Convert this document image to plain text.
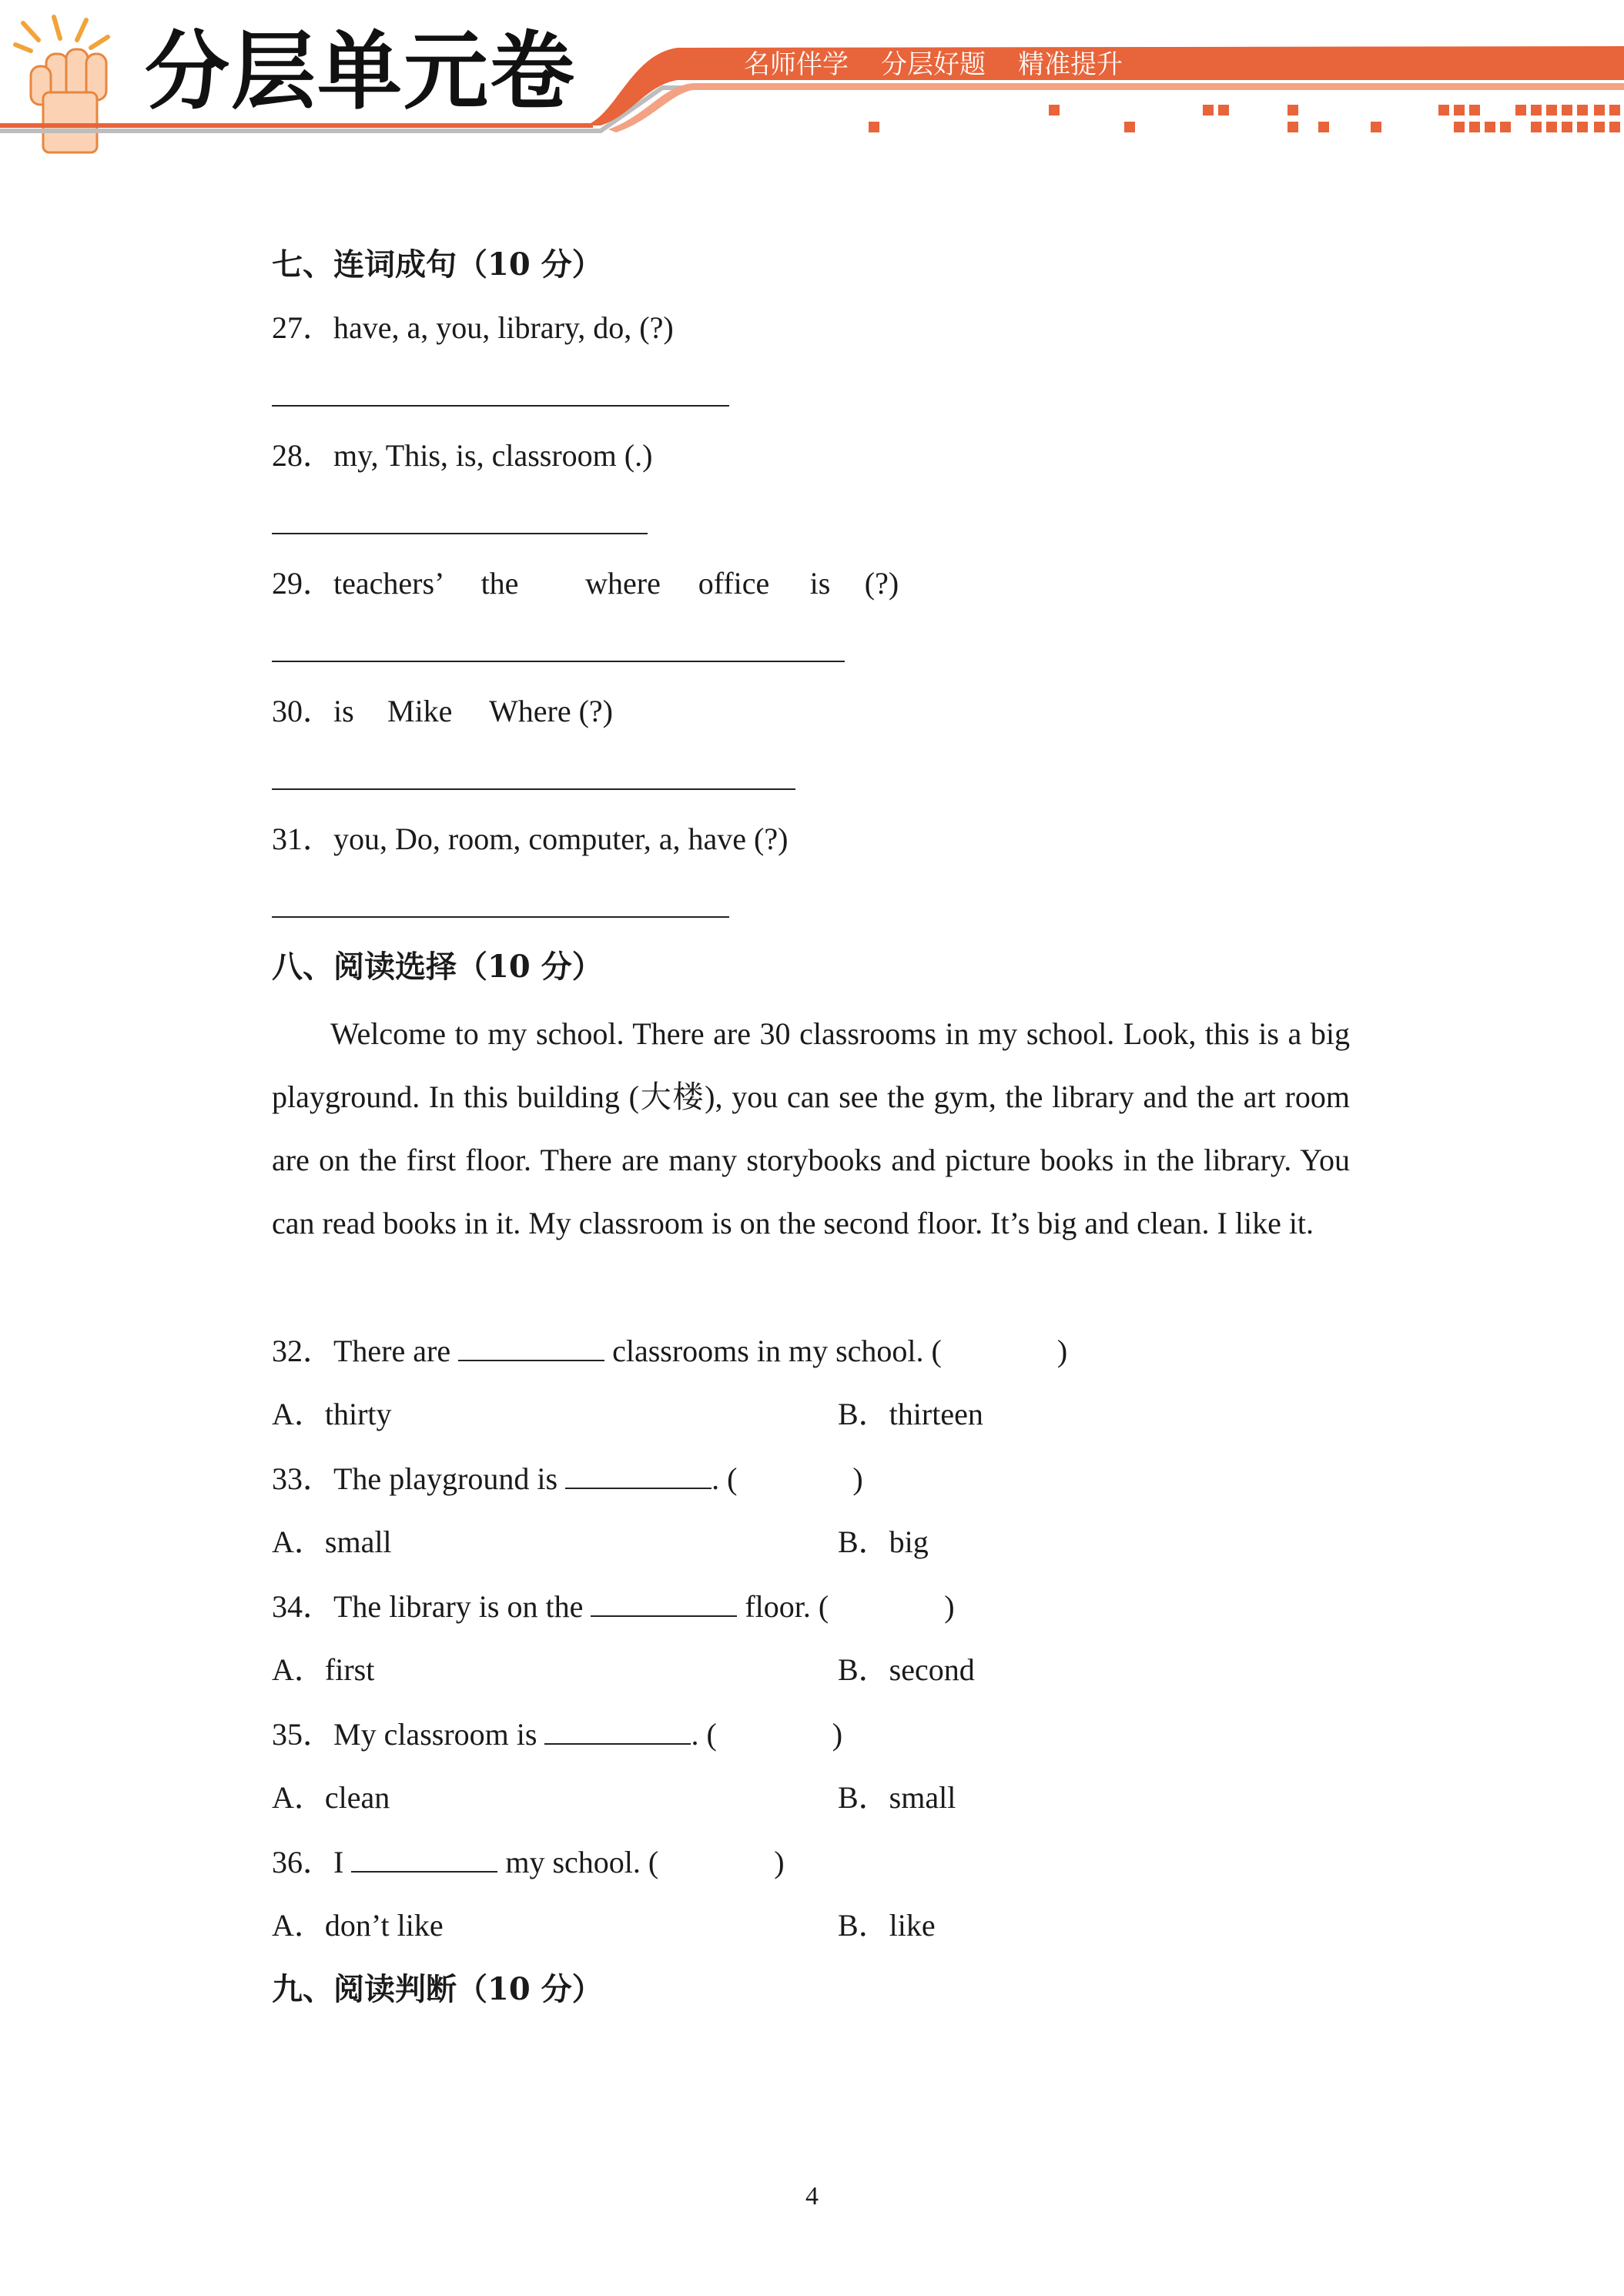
分层单元卷	名师伴学 分层好题 精准提升
七、连词成句（10 分）
27．have, a, you, library, do, (?)
28．my, This, is, classroom (.)
29．teachers’ the where office is (?)
30．is Mike Where (?)
31．you, Do, room, computer, a, have (?)
八、阅读选择（10 分）

Welcome to my school. There are 30 classrooms in my school. Look, this is a big playground. In this building (大楼), you can see the gym, the library and the art room are on the first floor. There are many storybooks and picture books in the library. You can read books in it. My classroom is on the second floor. It’s big and clean. I like it.

32．There are	classrooms in my school. (	)
A．thirty	B．thirteen
33．The playground is	. (	)
A．small	B．big
34．The library is on the	floor. (	)
A．first	B．second
35．My classroom is	. (	)
A．clean	B．small
36．I	my school. (	)
A．don’t like	B．like
九、阅读判断（10 分）
4
